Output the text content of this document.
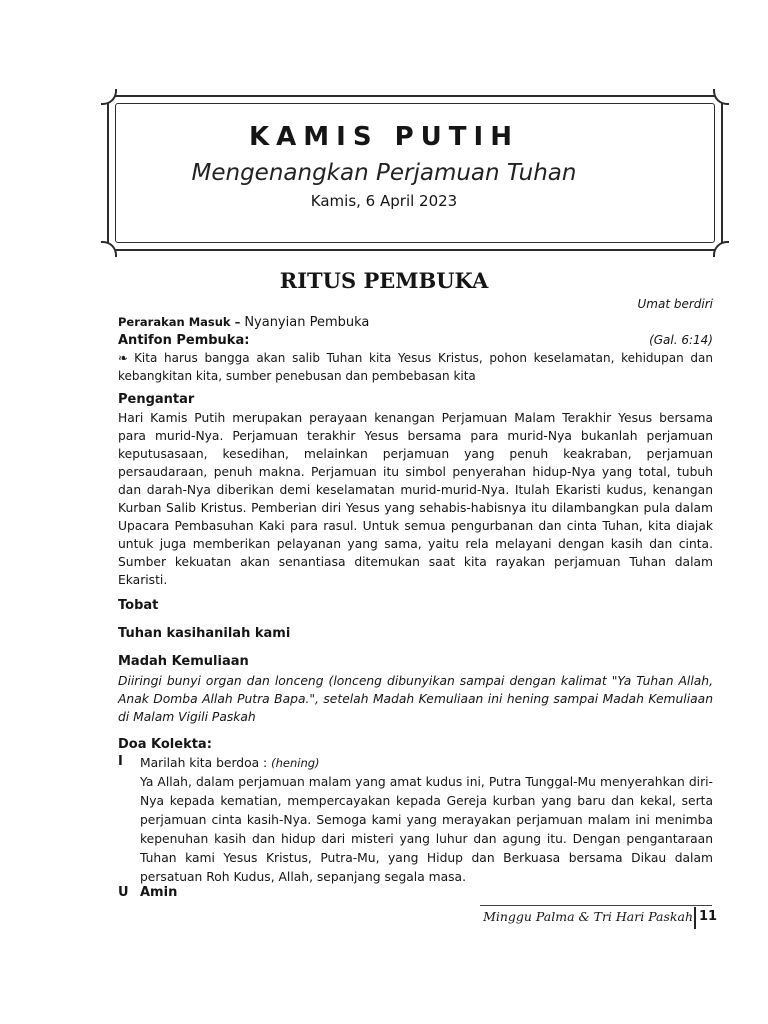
KAMIS PUTIH
Mengenangkan Perjamuan Tuhan
Kamis, 6 April 2023
RITUS PEMBUKA
Umat berdiri
Perarakan Masuk – Nyanyian Pembuka
Antifon Pembuka:	(Gal. 6:14)
❧ Kita harus bangga akan salib Tuhan kita Yesus Kristus, pohon keselamatan, kehidupan dan kebangkitan kita, sumber penebusan dan pembebasan kita
Pengantar
Hari Kamis Putih merupakan perayaan kenangan Perjamuan Malam Terakhir Yesus bersama para murid-Nya. Perjamuan terakhir Yesus bersama para murid-Nya bukanlah perjamuan keputusasaan, kesedihan, melainkan perjamuan yang penuh keakraban, perjamuan persaudaraan, penuh makna. Perjamuan itu simbol penyerahan hidup-Nya yang total, tubuh dan darah-Nya diberikan demi keselamatan murid-murid-Nya. Itulah Ekaristi kudus, kenangan Kurban Salib Kristus. Pemberian diri Yesus yang sehabis-habisnya itu dilambangkan pula dalam Upacara Pembasuhan Kaki para rasul. Untuk semua pengurbanan dan cinta Tuhan, kita diajak untuk juga memberikan pelayanan yang sama, yaitu rela melayani dengan kasih dan cinta. Sumber kekuatan akan senantiasa ditemukan saat kita rayakan perjamuan Tuhan dalam Ekaristi.
Tobat
Tuhan kasihanilah kami
Madah Kemuliaan
Diiringi bunyi organ dan lonceng (lonceng dibunyikan sampai dengan kalimat "Ya Tuhan Allah, Anak Domba Allah Putra Bapa.", setelah Madah Kemuliaan ini hening sampai Madah Kemuliaan di Malam Vigili Paskah
Doa Kolekta:
I Marilah kita berdoa : (hening)
Ya Allah, dalam perjamuan malam yang amat kudus ini, Putra Tunggal-Mu menyerahkan diri-Nya kepada kematian, mempercayakan kepada Gereja kurban yang baru dan kekal, serta perjamuan cinta kasih-Nya. Semoga kami yang merayakan perjamuan malam ini menimba kepenuhan kasih dan hidup dari misteri yang luhur dan agung itu. Dengan pengantaraan Tuhan kami Yesus Kristus, Putra-Mu, yang Hidup dan Berkuasa bersama Dikau dalam persatuan Roh Kudus, Allah, sepanjang segala masa.
U Amin
Minggu Palma & Tri Hari Paskah 11
